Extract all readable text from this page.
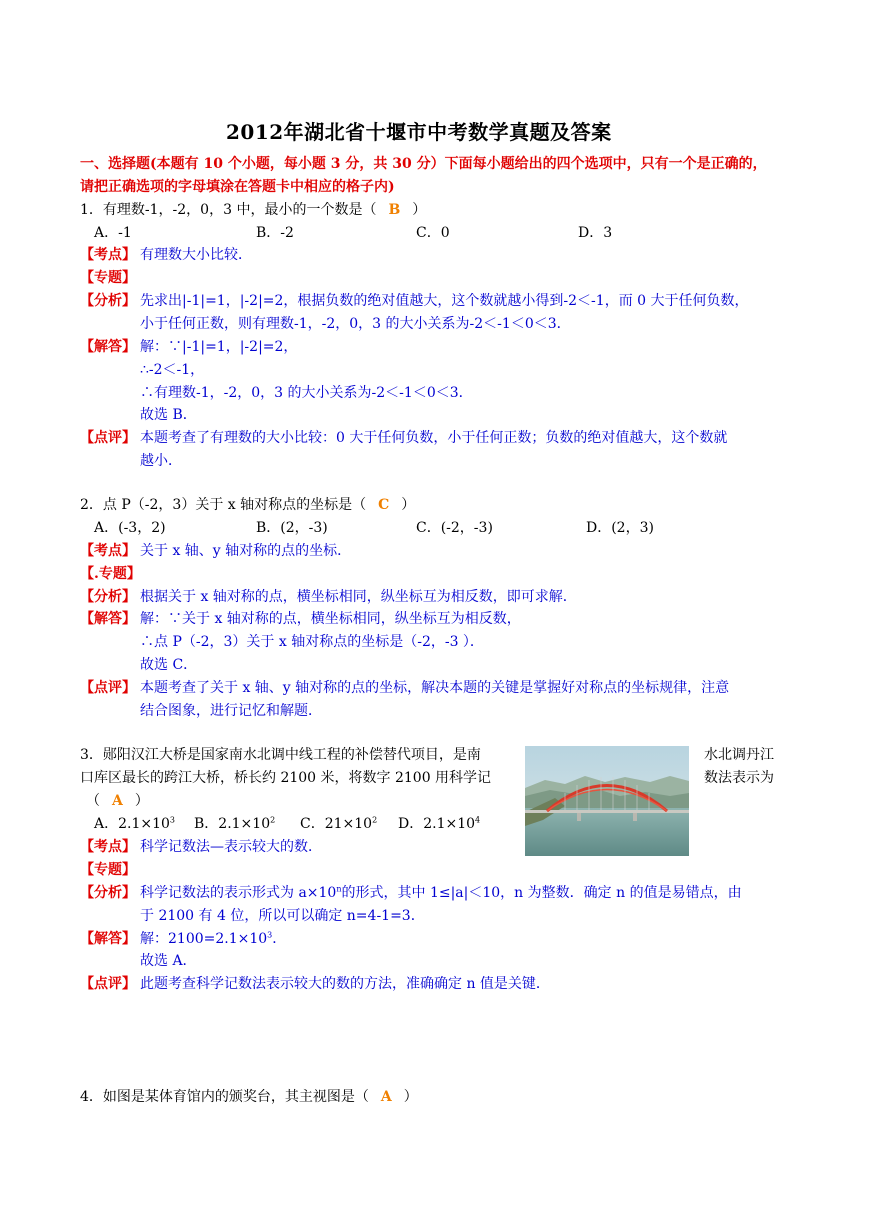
2012年湖北省十堰市中考数学真题及答案
一、选择题(本题有 10 个小题，每小题 3 分，共 30 分）下面每小题给出的四个选项中，只有一个是正确的，
请把正确选项的字母填涂在答题卡中相应的格子内)
1．有理数-1，-2，0，3 中，最小的一个数是（ B ）
A．-1	B．-2	C．0	D．3
【考点】 有理数大小比较．
【专题】
【分析】 先求出|-1|=1，|-2|=2，根据负数的绝对值越大，这个数就越小得到-2＜-1，而 0 大于任何负数，
小于任何正数，则有理数-1，-2，0，3 的大小关系为-2＜-1＜0＜3．
【解答】 解：∵|-1|=1，|-2|=2，
∴-2＜-1，
∴有理数-1，-2，0，3 的大小关系为-2＜-1＜0＜3．
故选 B．
【点评】 本题考查了有理数的大小比较：0 大于任何负数，小于任何正数；负数的绝对值越大，这个数就
越小．
2．点 P（-2，3）关于 x 轴对称点的坐标是（ C ）
A．(-3，2)	B．(2，-3)	C．(-2，-3)	D．(2，3)
【考点】 关于 x 轴、y 轴对称的点的坐标．
【.专题】
【分析】 根据关于 x 轴对称的点，横坐标相同，纵坐标互为相反数，即可求解．
【解答】 解：∵关于 x 轴对称的点，横坐标相同，纵坐标互为相反数，
∴点 P（-2，3）关于 x 轴对称点的坐标是（-2，-3 ）．
故选 C．
【点评】 本题考查了关于 x 轴、y 轴对称的点的坐标，解决本题的关键是掌握好对称点的坐标规律，注意
结合图象，进行记忆和解题．
3．郧阳汉江大桥是国家南水北调中线工程的补偿替代项目，是南	水北调丹江
口库区最长的跨江大桥，桥长约 2100 米，将数字 2100 用科学记	数法表示为
（ A ）
A．$2.1\times 10^3$ B．$2.1\times 10^2$ C．$21\times 10^2$ D．$2.1\times 10^4$
【考点】 科学记数法—表示较大的数．
【专题】
【分析】 科学记数法的表示形式为 $a\times 10^n$的形式，其中 1≤|a|＜10，n 为整数．确定 n 的值是易错点，由
于 2100 有 4 位，所以可以确定 n=4-1=3．
【解答】 解：$2100=2.1\times 10^3$．
故选 A．
【点评】 此题考查科学记数法表示较大的数的方法，准确确定 n 值是关键．
4．如图是某体育馆内的颁奖台，其主视图是（ A ）
